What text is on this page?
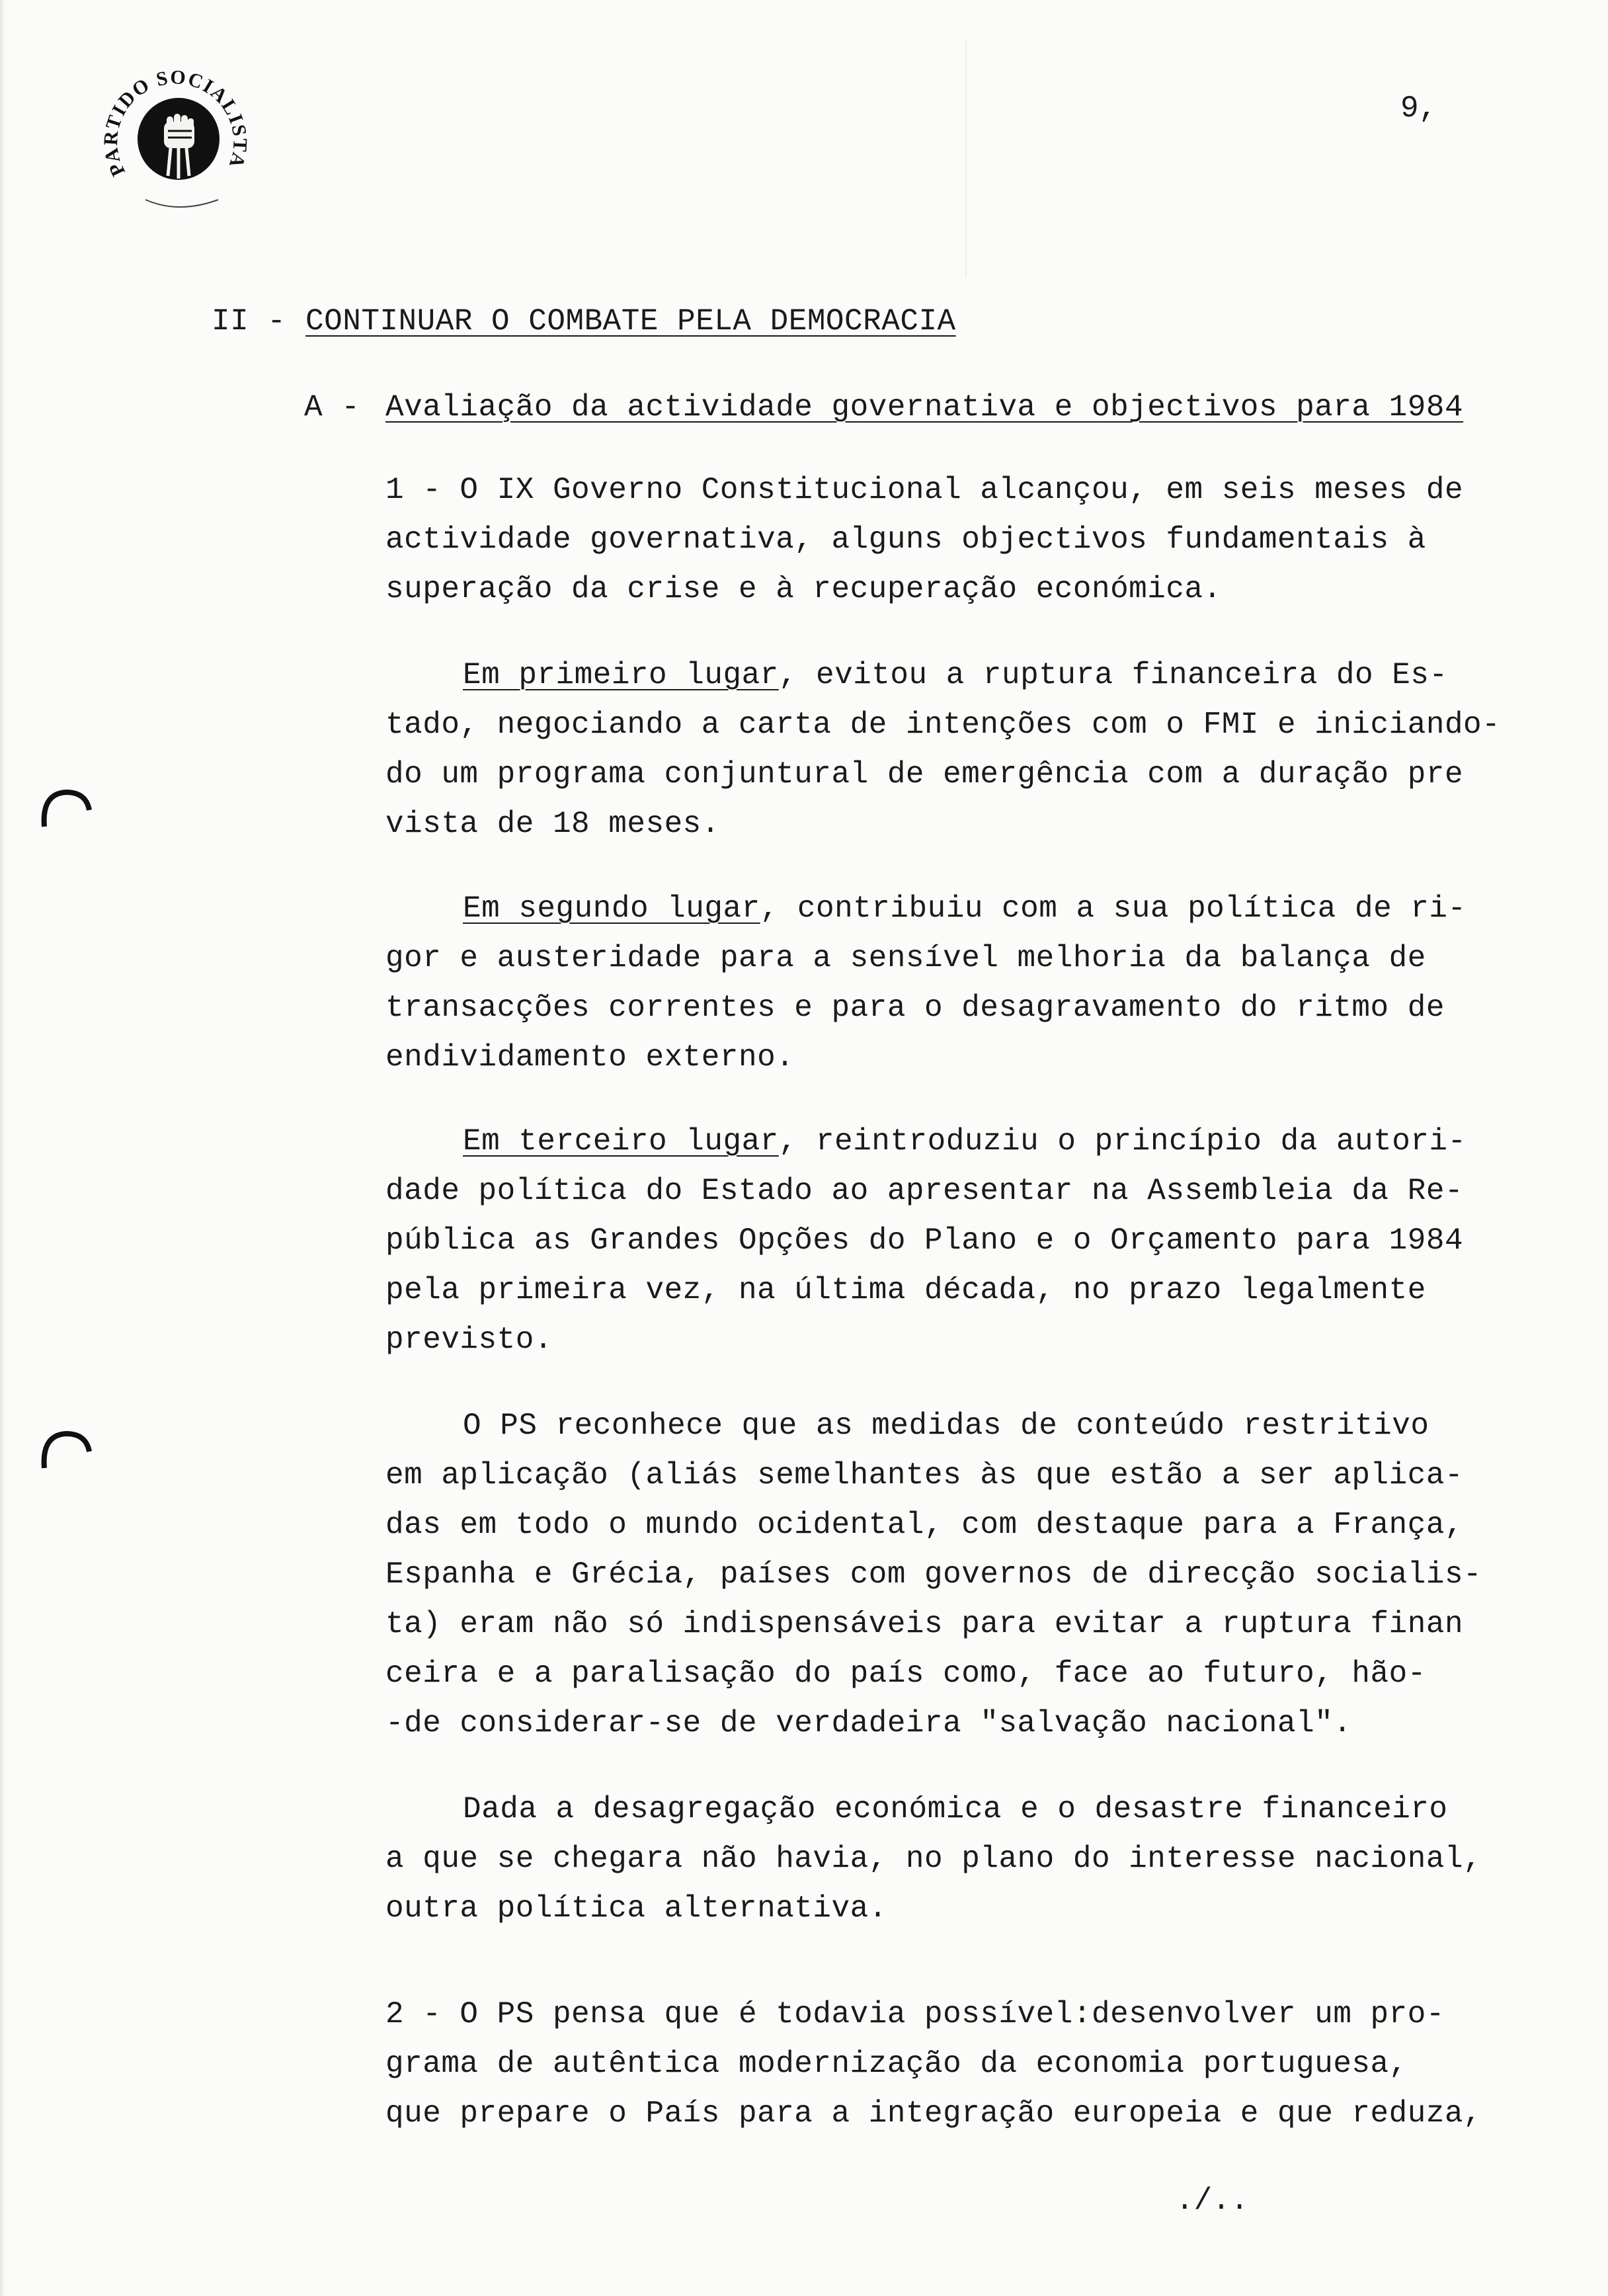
PARTIDO SOCIALISTA
9,
II - CONTINUAR O COMBATE PELA DEMOCRACIA
A - Avaliação da actividade governativa e objectivos para 1984
1 - O IX Governo Constitucional alcançou, em seis meses de
actividade governativa, alguns objectivos fundamentais à
superação da crise e à recuperação económica.
Em primeiro lugar, evitou a ruptura financeira do Es-
tado, negociando a carta de intenções com o FMI e iniciando-
do um programa conjuntural de emergência com a duração pre
vista de 18 meses.
Em segundo lugar, contribuiu com a sua política de ri-
gor e austeridade para a sensível melhoria da balança de
transacções correntes e para o desagravamento do ritmo de
endividamento externo.
Em terceiro lugar, reintroduziu o princípio da autori-
dade política do Estado ao apresentar na Assembleia da Re-
pública as Grandes Opções do Plano e o Orçamento para 1984
pela primeira vez, na última década, no prazo legalmente
previsto.
O PS reconhece que as medidas de conteúdo restritivo
em aplicação (aliás semelhantes às que estão a ser aplica-
das em todo o mundo ocidental, com destaque para a França,
Espanha e Grécia, países com governos de direcção socialis-
ta) eram não só indispensáveis para evitar a ruptura finan
ceira e a paralisação do país como, face ao futuro, hão-
-de considerar-se de verdadeira "salvação nacional".
Dada a desagregação económica e o desastre financeiro
a que se chegara não havia, no plano do interesse nacional,
outra política alternativa.
2 - O PS pensa que é todavia possível:desenvolver um pro-
grama de autêntica modernização da economia portuguesa,
que prepare o País para a integração europeia e que reduza,
./..
